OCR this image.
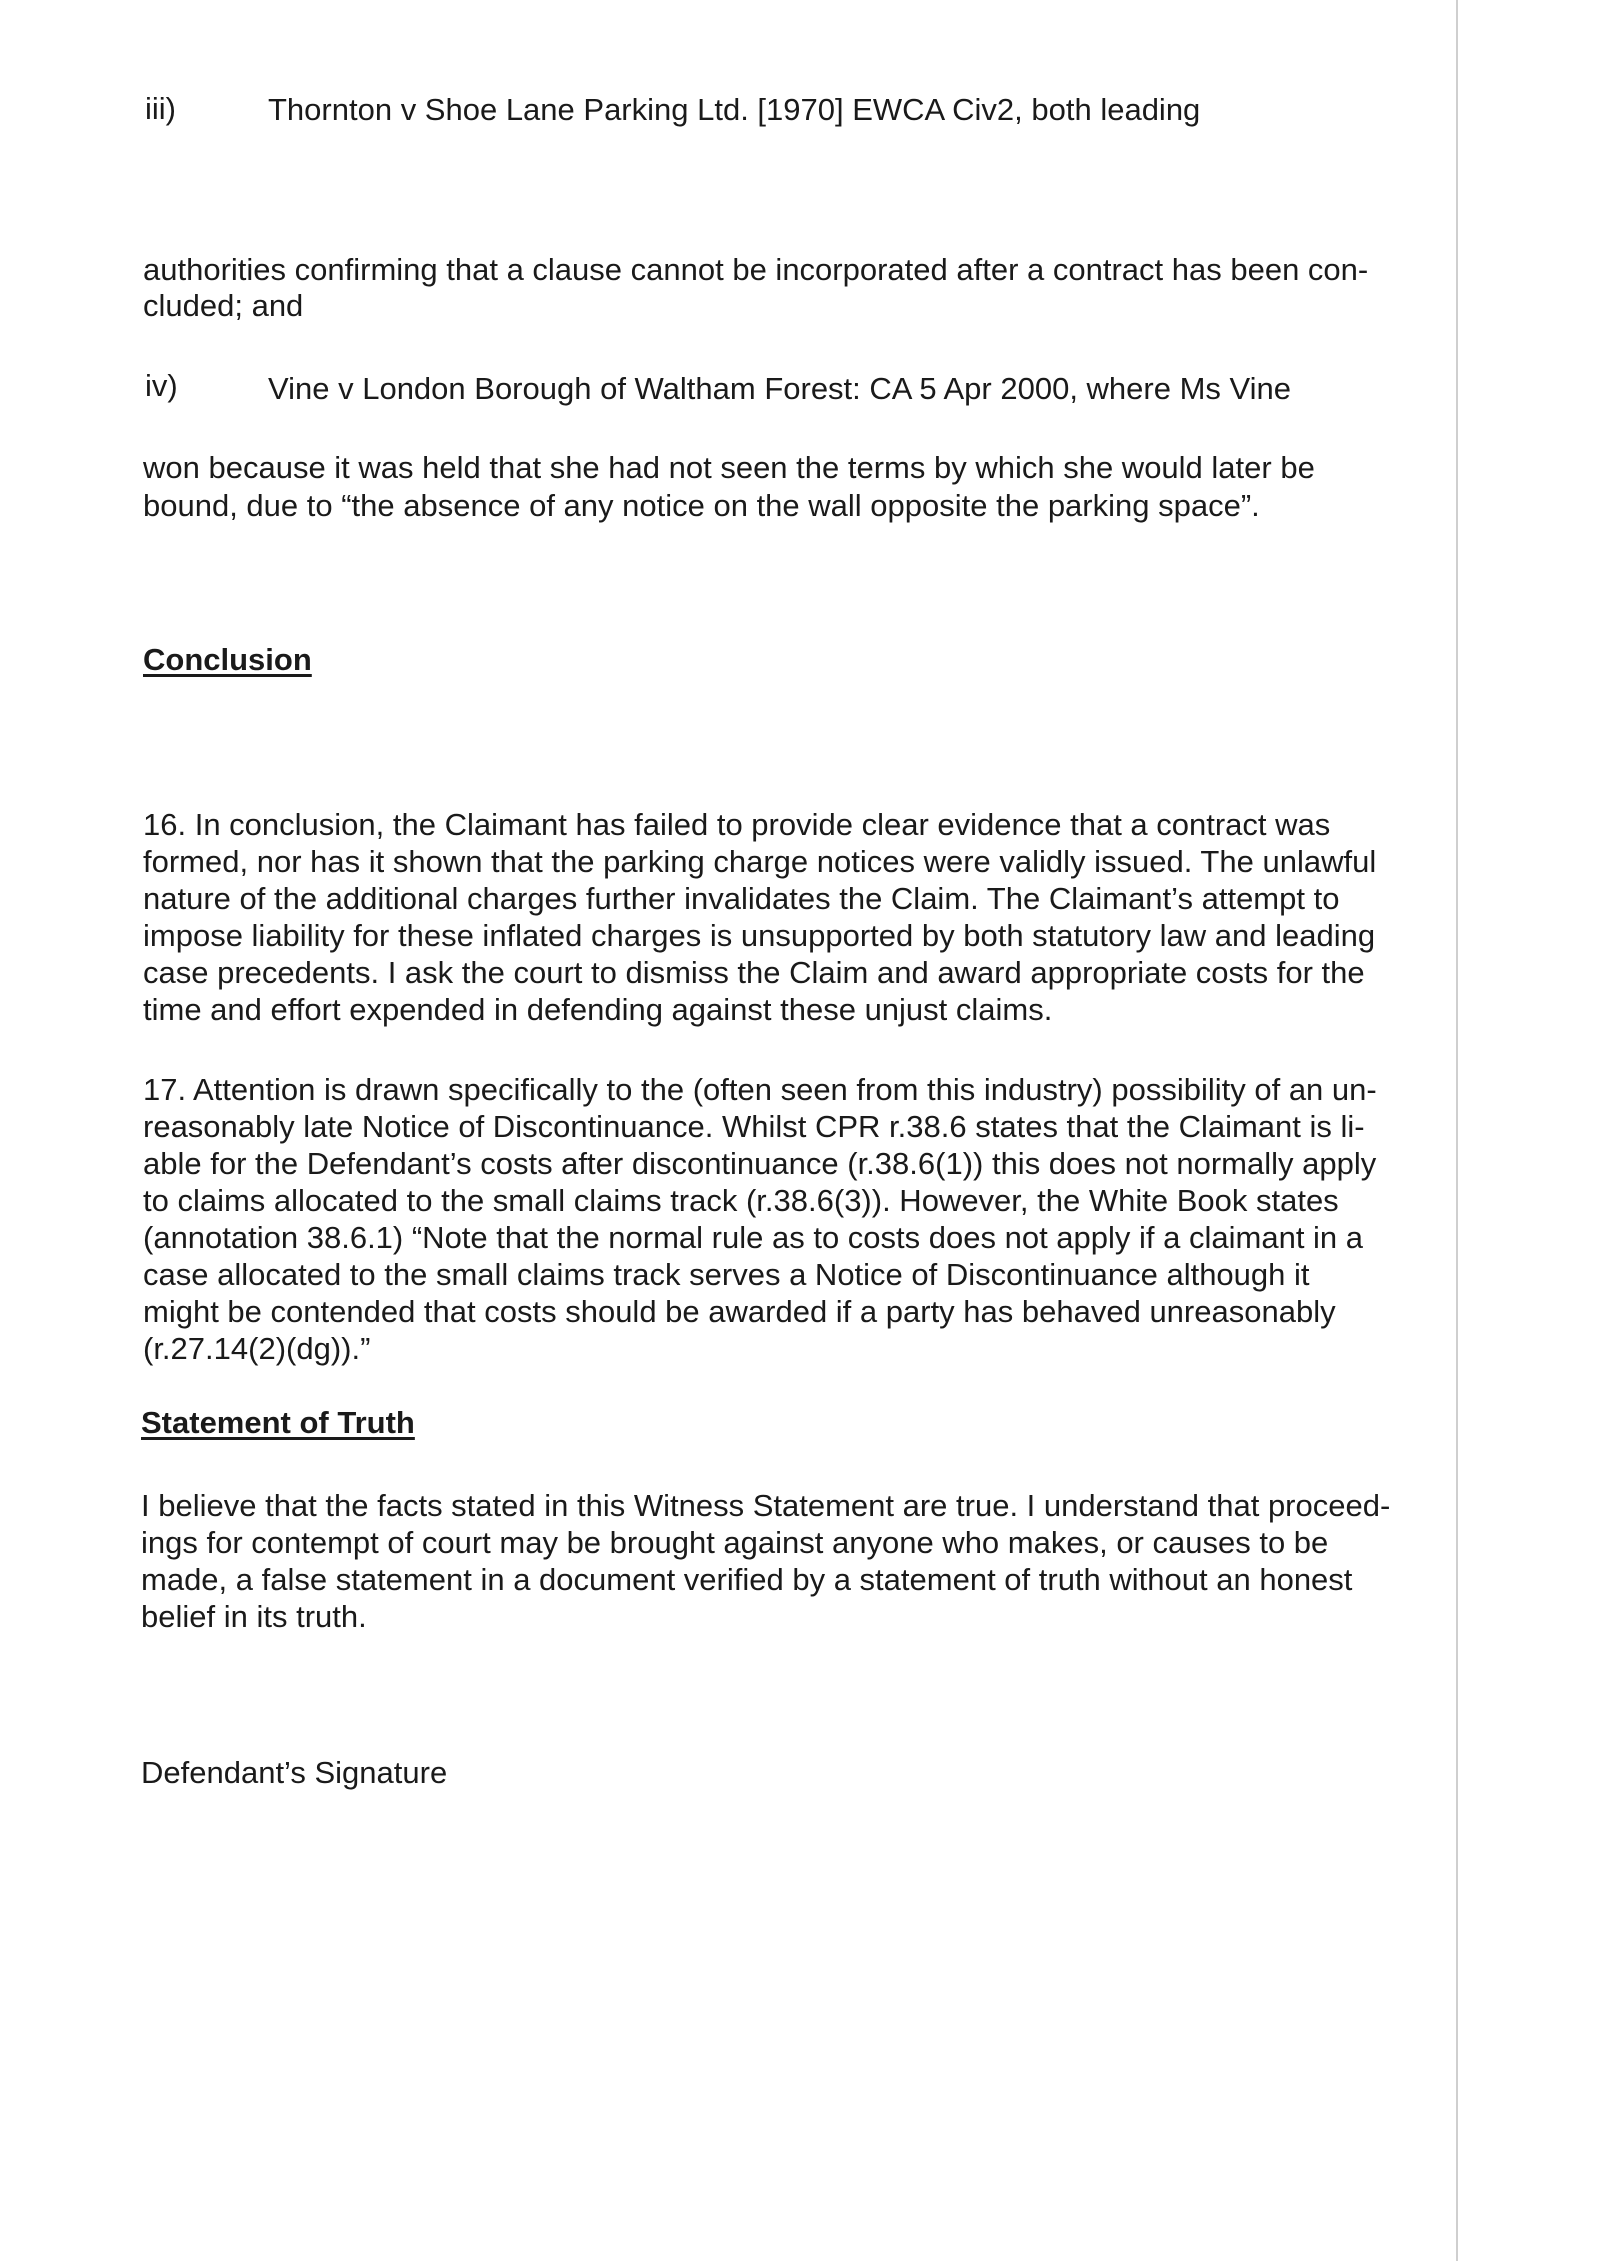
iii)	Thornton v Shoe Lane Parking Ltd. [1970] EWCA Civ2, both leading

authorities confirming that a clause cannot be incorporated after a contract has been con-

cluded; and

iv)	Vine v London Borough of Waltham Forest: CA 5 Apr 2000, where Ms Vine

won because it was held that she had not seen the terms by which she would later be

bound, due to “the absence of any notice on the wall opposite the parking space”.

Conclusion

16. In conclusion, the Claimant has failed to provide clear evidence that a contract was

formed, nor has it shown that the parking charge notices were validly issued. The unlawful

nature of the additional charges further invalidates the Claim. The Claimant’s attempt to

impose liability for these inflated charges is unsupported by both statutory law and leading

case precedents. I ask the court to dismiss the Claim and award appropriate costs for the

time and effort expended in defending against these unjust claims.

17. Attention is drawn specifically to the (often seen from this industry) possibility of an un-

reasonably late Notice of Discontinuance. Whilst CPR r.38.6 states that the Claimant is li-

able for the Defendant’s costs after discontinuance (r.38.6(1)) this does not normally apply

to claims allocated to the small claims track (r.38.6(3)). However, the White Book states

(annotation 38.6.1) “Note that the normal rule as to costs does not apply if a claimant in a

case allocated to the small claims track serves a Notice of Discontinuance although it

might be contended that costs should be awarded if a party has behaved unreasonably

(r.27.14(2)(dg)).”

Statement of Truth

I believe that the facts stated in this Witness Statement are true. I understand that proceed-

ings for contempt of court may be brought against anyone who makes, or causes to be

made, a false statement in a document verified by a statement of truth without an honest

belief in its truth.

Defendant’s Signature
